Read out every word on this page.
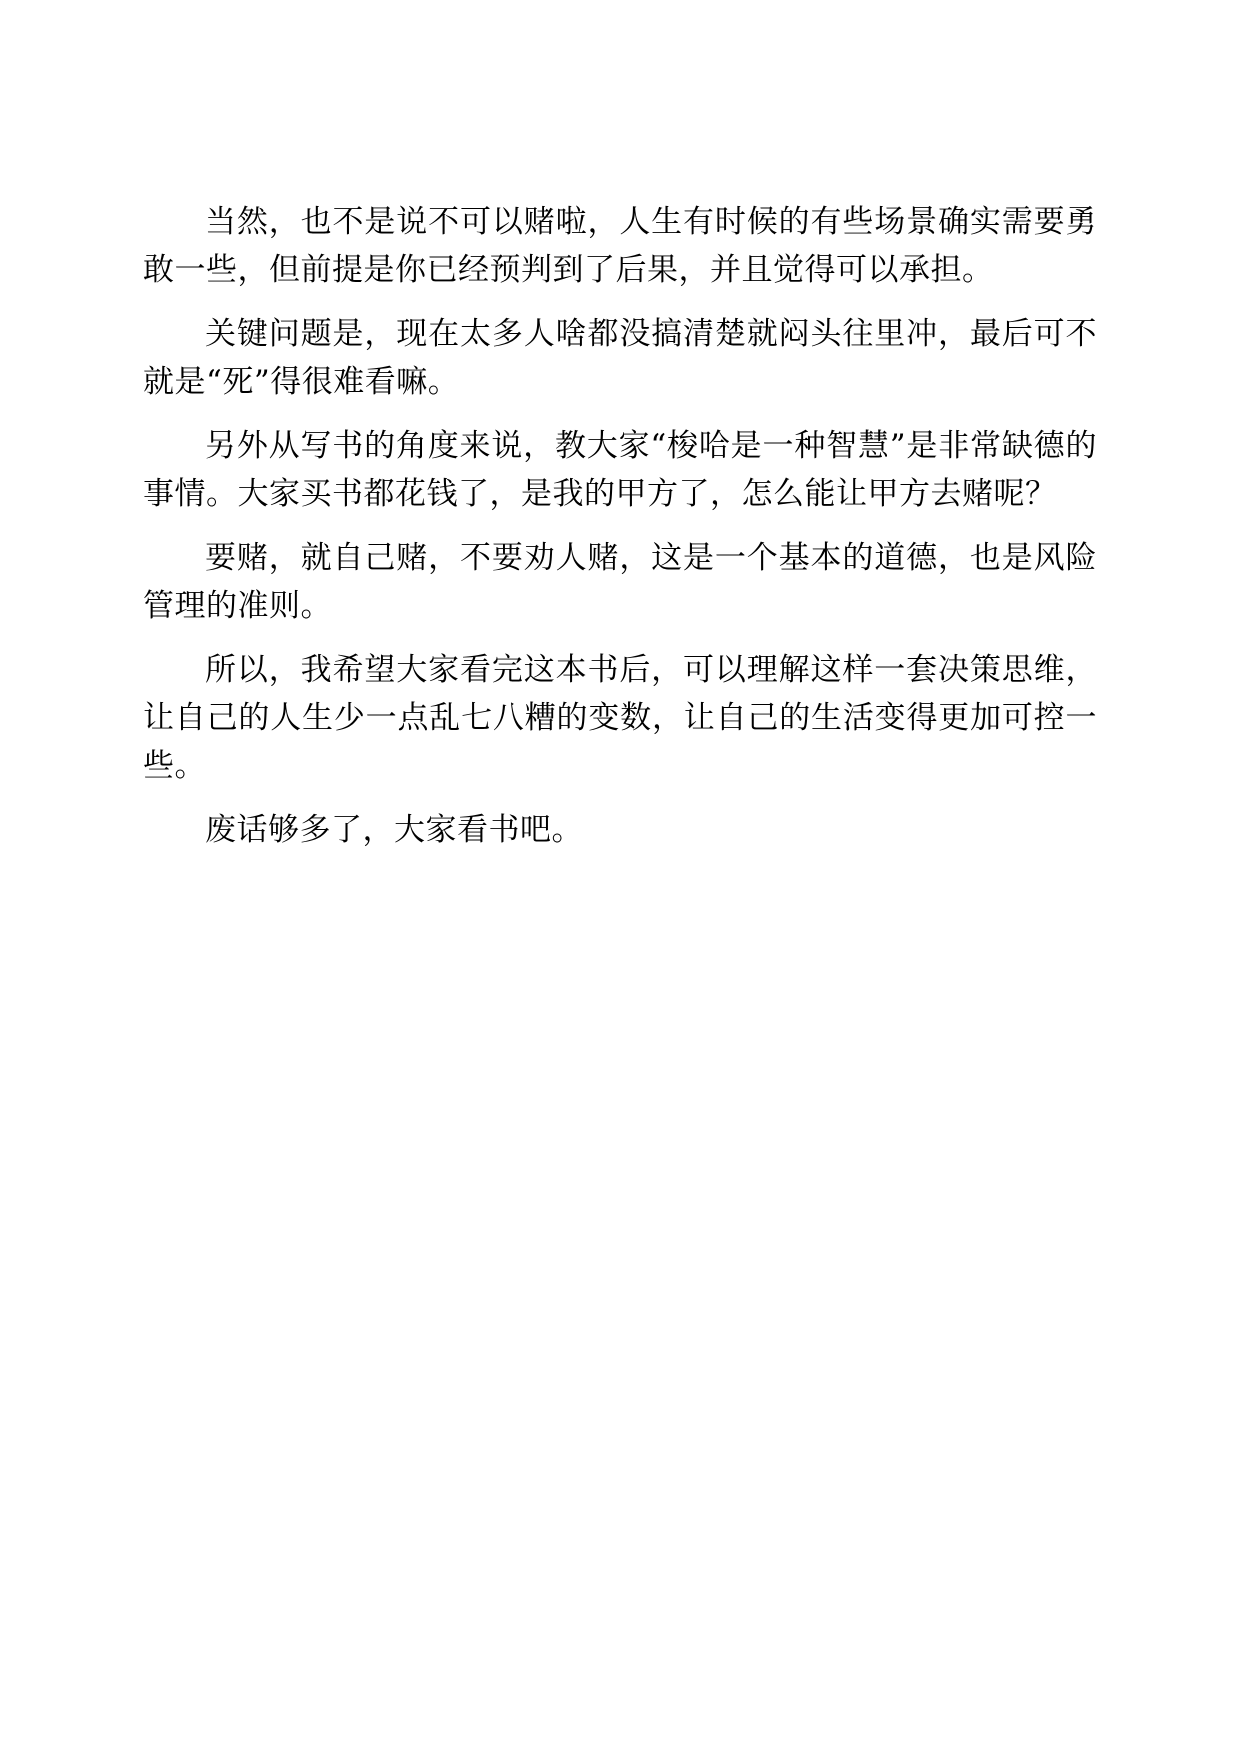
当然，也不是说不可以赌啦，人生有时候的有些场景确实需要勇敢一些，但前提是你已经预判到了后果，并且觉得可以承担。

关键问题是，现在太多人啥都没搞清楚就闷头往里冲，最后可不就是“死”得很难看嘛。

另外从写书的角度来说，教大家“梭哈是一种智慧”是非常缺德的事情。大家买书都花钱了，是我的甲方了，怎么能让甲方去赌呢？

要赌，就自己赌，不要劝人赌，这是一个基本的道德，也是风险管理的准则。

所以，我希望大家看完这本书后，可以理解这样一套决策思维，让自己的人生少一点乱七八糟的变数，让自己的生活变得更加可控一些。

废话够多了，大家看书吧。
